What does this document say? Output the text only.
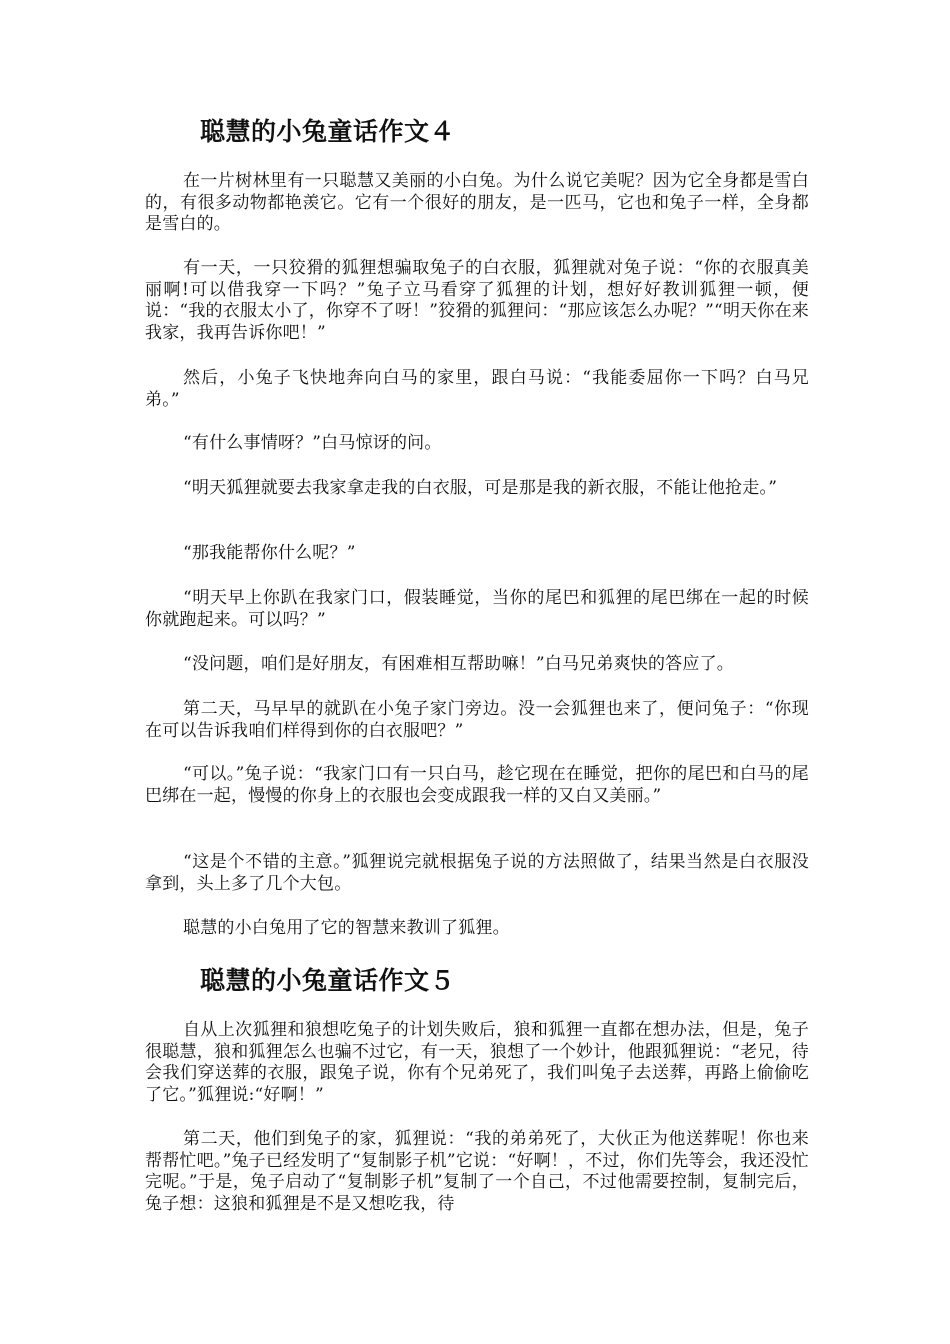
聪慧的小兔童话作文４

在一片树林里有一只聪慧又美丽的小白兔。为什么说它美呢？因为它全身都是雪白的，有很多动物都艳羡它。它有一个很好的朋友，是一匹马，它也和兔子一样，全身都是雪白的。

有一天，一只狡猾的狐狸想骗取兔子的白衣服，狐狸就对兔子说：“你的衣服真美丽啊!可以借我穿一下吗？”兔子立马看穿了狐狸的计划，想好好教训狐狸一顿，便说：“我的衣服太小了，你穿不了呀！”狡猾的狐狸问：“那应该怎么办呢？”“明天你在来我家，我再告诉你吧！”

然后，小兔子飞快地奔向白马的家里，跟白马说：“我能委屈你一下吗？白马兄弟。”

“有什么事情呀？”白马惊讶的问。

“明天狐狸就要去我家拿走我的白衣服，可是那是我的新衣服，不能让他抢走。”

“那我能帮你什么呢？”

“明天早上你趴在我家门口，假装睡觉，当你的尾巴和狐狸的尾巴绑在一起的时候你就跑起来。可以吗？”

“没问题，咱们是好朋友，有困难相互帮助嘛！”白马兄弟爽快的答应了。

第二天，马早早的就趴在小兔子家门旁边。没一会狐狸也来了，便问兔子：“你现在可以告诉我咱们样得到你的白衣服吧？”

“可以。”兔子说：“我家门口有一只白马，趁它现在在睡觉，把你的尾巴和白马的尾巴绑在一起，慢慢的你身上的衣服也会变成跟我一样的又白又美丽。”

“这是个不错的主意。”狐狸说完就根据兔子说的方法照做了，结果当然是白衣服没拿到，头上多了几个大包。

聪慧的小白兔用了它的智慧来教训了狐狸。

聪慧的小兔童话作文５

自从上次狐狸和狼想吃兔子的计划失败后，狼和狐狸一直都在想办法，但是，兔子很聪慧，狼和狐狸怎么也骗不过它，有一天，狼想了一个妙计，他跟狐狸说：“老兄，待会我们穿送葬的衣服，跟兔子说，你有个兄弟死了，我们叫兔子去送葬，再路上偷偷吃了它。”狐狸说:“好啊！”

第二天，他们到兔子的家，狐狸说：“我的弟弟死了，大伙正为他送葬呢！你也来帮帮忙吧。”兔子已经发明了“复制影子机”它说：“好啊！，不过，你们先等会，我还没忙完呢。”于是，兔子启动了“复制影子机”复制了一个自己，不过他需要控制，复制完后，兔子想：这狼和狐狸是不是又想吃我，待
